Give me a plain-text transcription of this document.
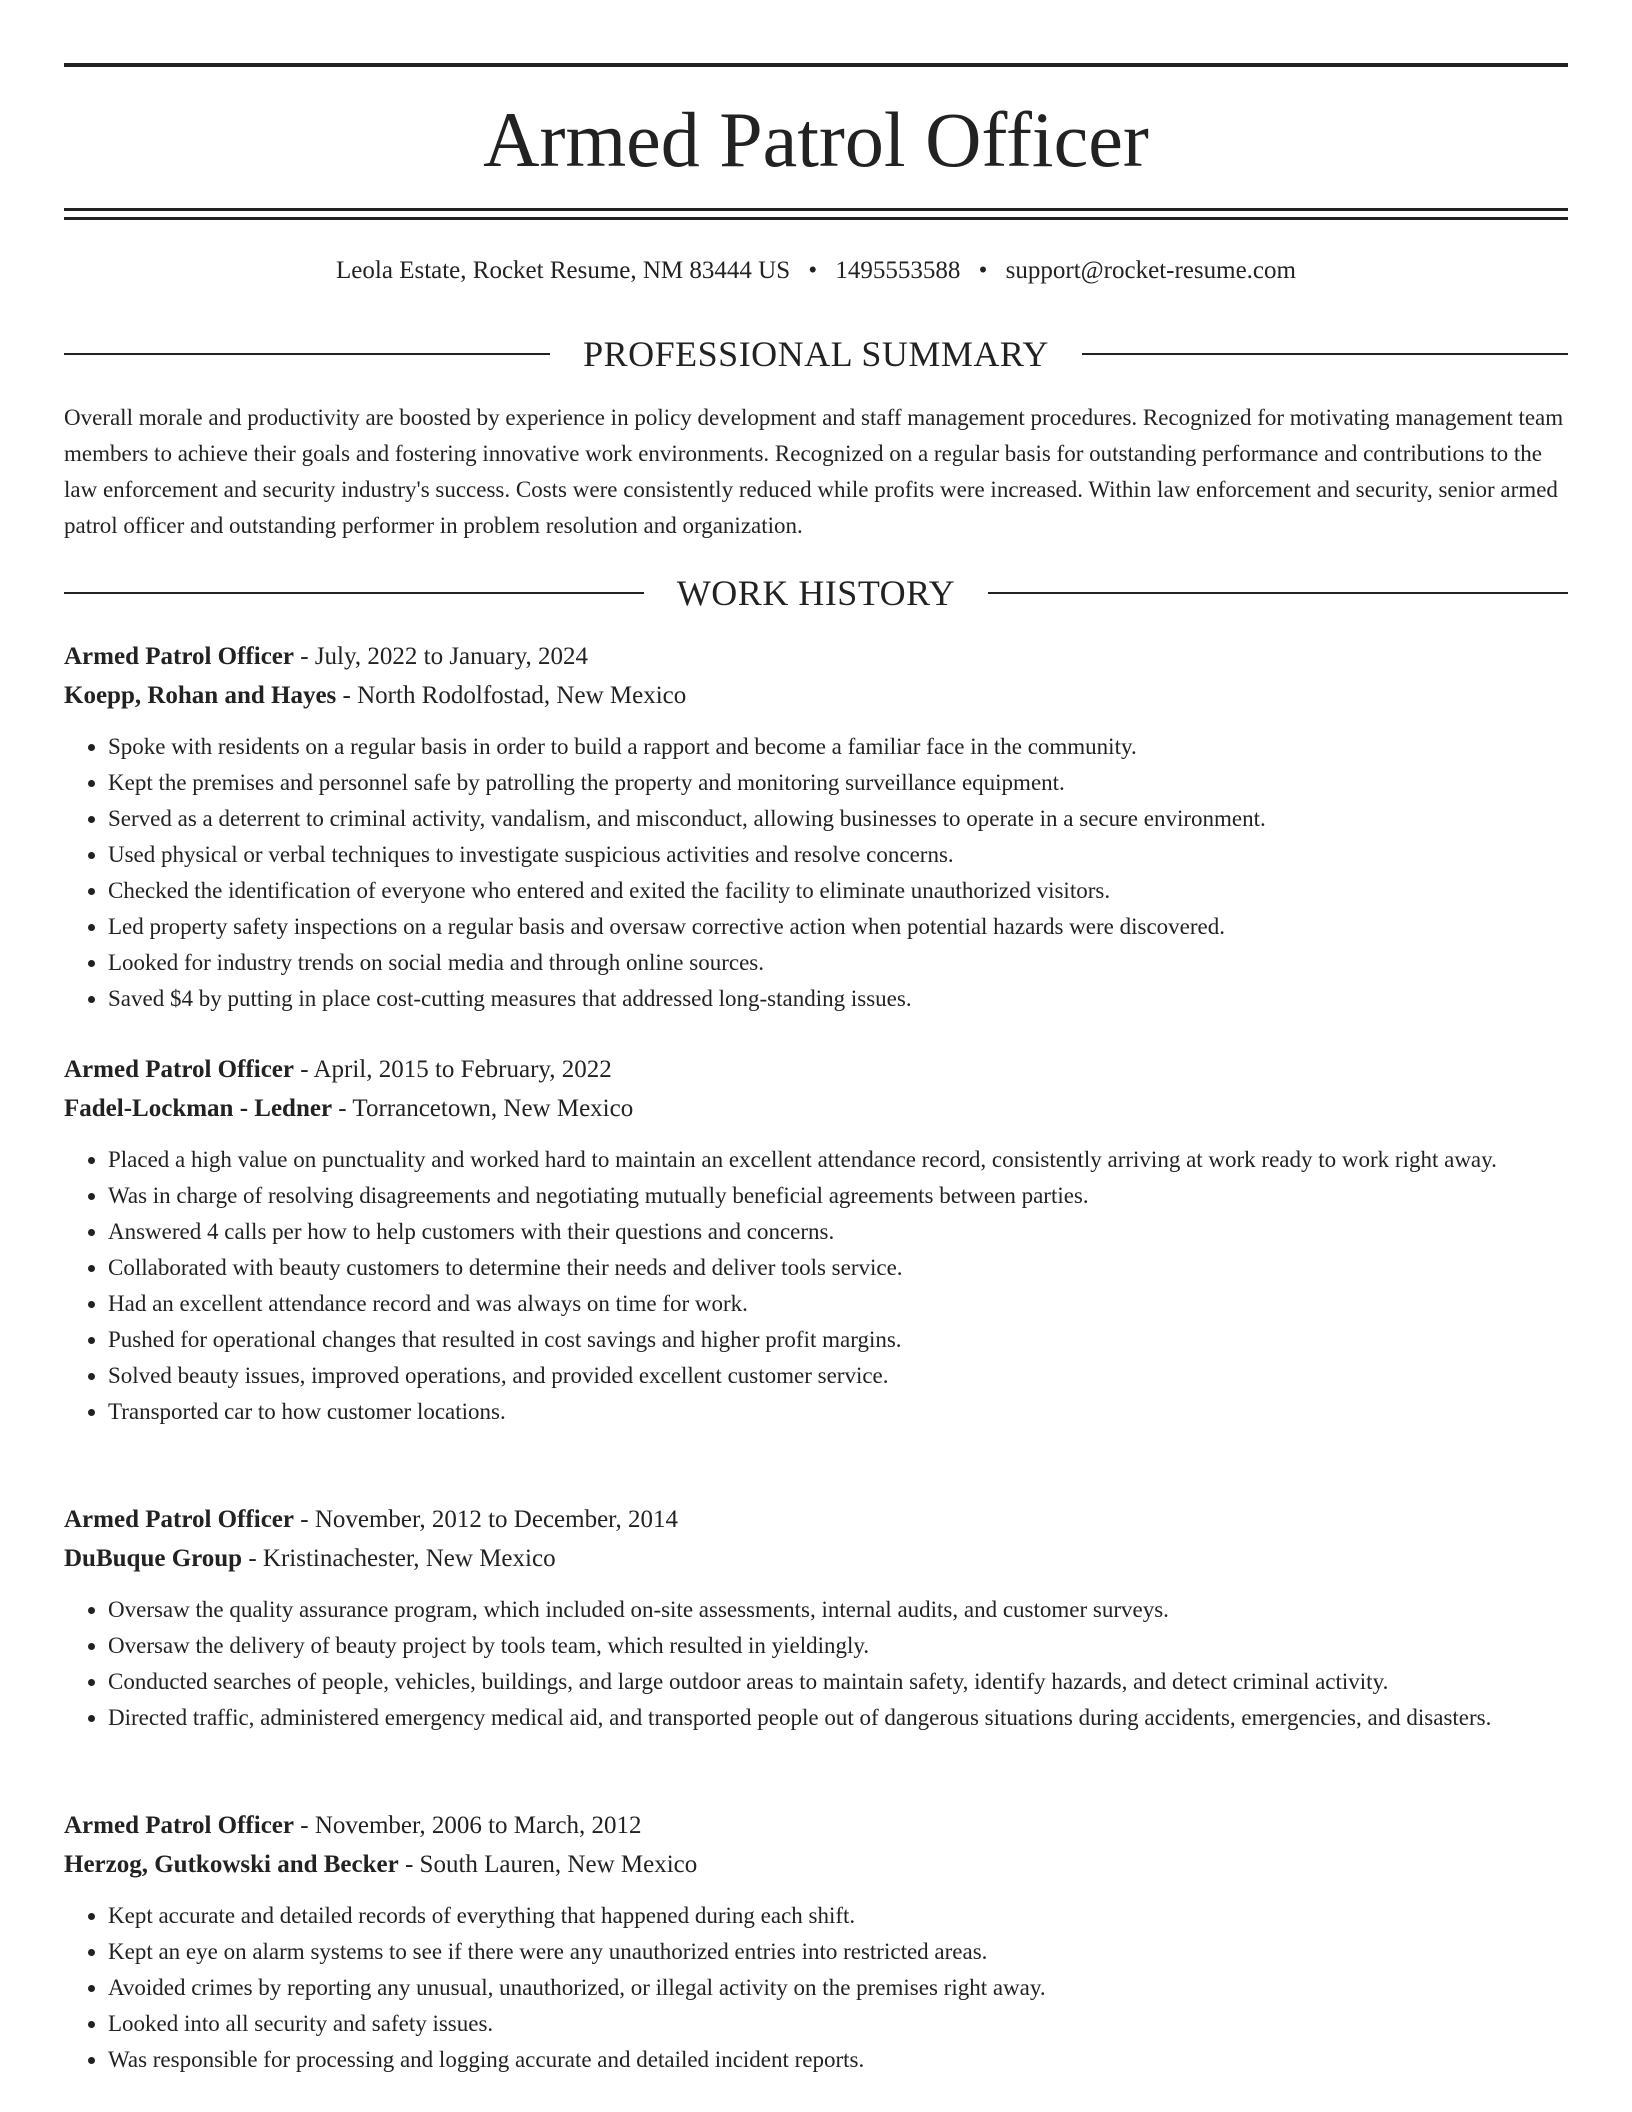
Armed Patrol Officer
Leola Estate, Rocket Resume, NM 83444 US • 1495553588 • support@rocket-resume.com
PROFESSIONAL SUMMARY

Overall morale and productivity are boosted by experience in policy development and staff management procedures. Recognized for motivating management team members to achieve their goals and fostering innovative work environments. Recognized on a regular basis for outstanding performance and contributions to the law enforcement and security industry's success. Costs were consistently reduced while profits were increased. Within law enforcement and security, senior armed patrol officer and outstanding performer in problem resolution and organization.

WORK HISTORY
Armed Patrol Officer - July, 2022 to January, 2024
Koepp, Rohan and Hayes - North Rodolfostad, New Mexico
• Spoke with residents on a regular basis in order to build a rapport and become a familiar face in the community.
• Kept the premises and personnel safe by patrolling the property and monitoring surveillance equipment.
• Served as a deterrent to criminal activity, vandalism, and misconduct, allowing businesses to operate in a secure environment.
• Used physical or verbal techniques to investigate suspicious activities and resolve concerns.
• Checked the identification of everyone who entered and exited the facility to eliminate unauthorized visitors.
• Led property safety inspections on a regular basis and oversaw corrective action when potential hazards were discovered.
• Looked for industry trends on social media and through online sources.
• Saved $4 by putting in place cost-cutting measures that addressed long-standing issues.
Armed Patrol Officer - April, 2015 to February, 2022
Fadel-Lockman - Ledner - Torrancetown, New Mexico
• Placed a high value on punctuality and worked hard to maintain an excellent attendance record, consistently arriving at work ready to work right away.
• Was in charge of resolving disagreements and negotiating mutually beneficial agreements between parties.
• Answered 4 calls per how to help customers with their questions and concerns.
• Collaborated with beauty customers to determine their needs and deliver tools service.
• Had an excellent attendance record and was always on time for work.
• Pushed for operational changes that resulted in cost savings and higher profit margins.
• Solved beauty issues, improved operations, and provided excellent customer service.
• Transported car to how customer locations.
Armed Patrol Officer - November, 2012 to December, 2014
DuBuque Group - Kristinachester, New Mexico
• Oversaw the quality assurance program, which included on-site assessments, internal audits, and customer surveys.
• Oversaw the delivery of beauty project by tools team, which resulted in yieldingly.
• Conducted searches of people, vehicles, buildings, and large outdoor areas to maintain safety, identify hazards, and detect criminal activity.
• Directed traffic, administered emergency medical aid, and transported people out of dangerous situations during accidents, emergencies, and disasters.
Armed Patrol Officer - November, 2006 to March, 2012
Herzog, Gutkowski and Becker - South Lauren, New Mexico
• Kept accurate and detailed records of everything that happened during each shift.
• Kept an eye on alarm systems to see if there were any unauthorized entries into restricted areas.
• Avoided crimes by reporting any unusual, unauthorized, or illegal activity on the premises right away.
• Looked into all security and safety issues.
• Was responsible for processing and logging accurate and detailed incident reports.
